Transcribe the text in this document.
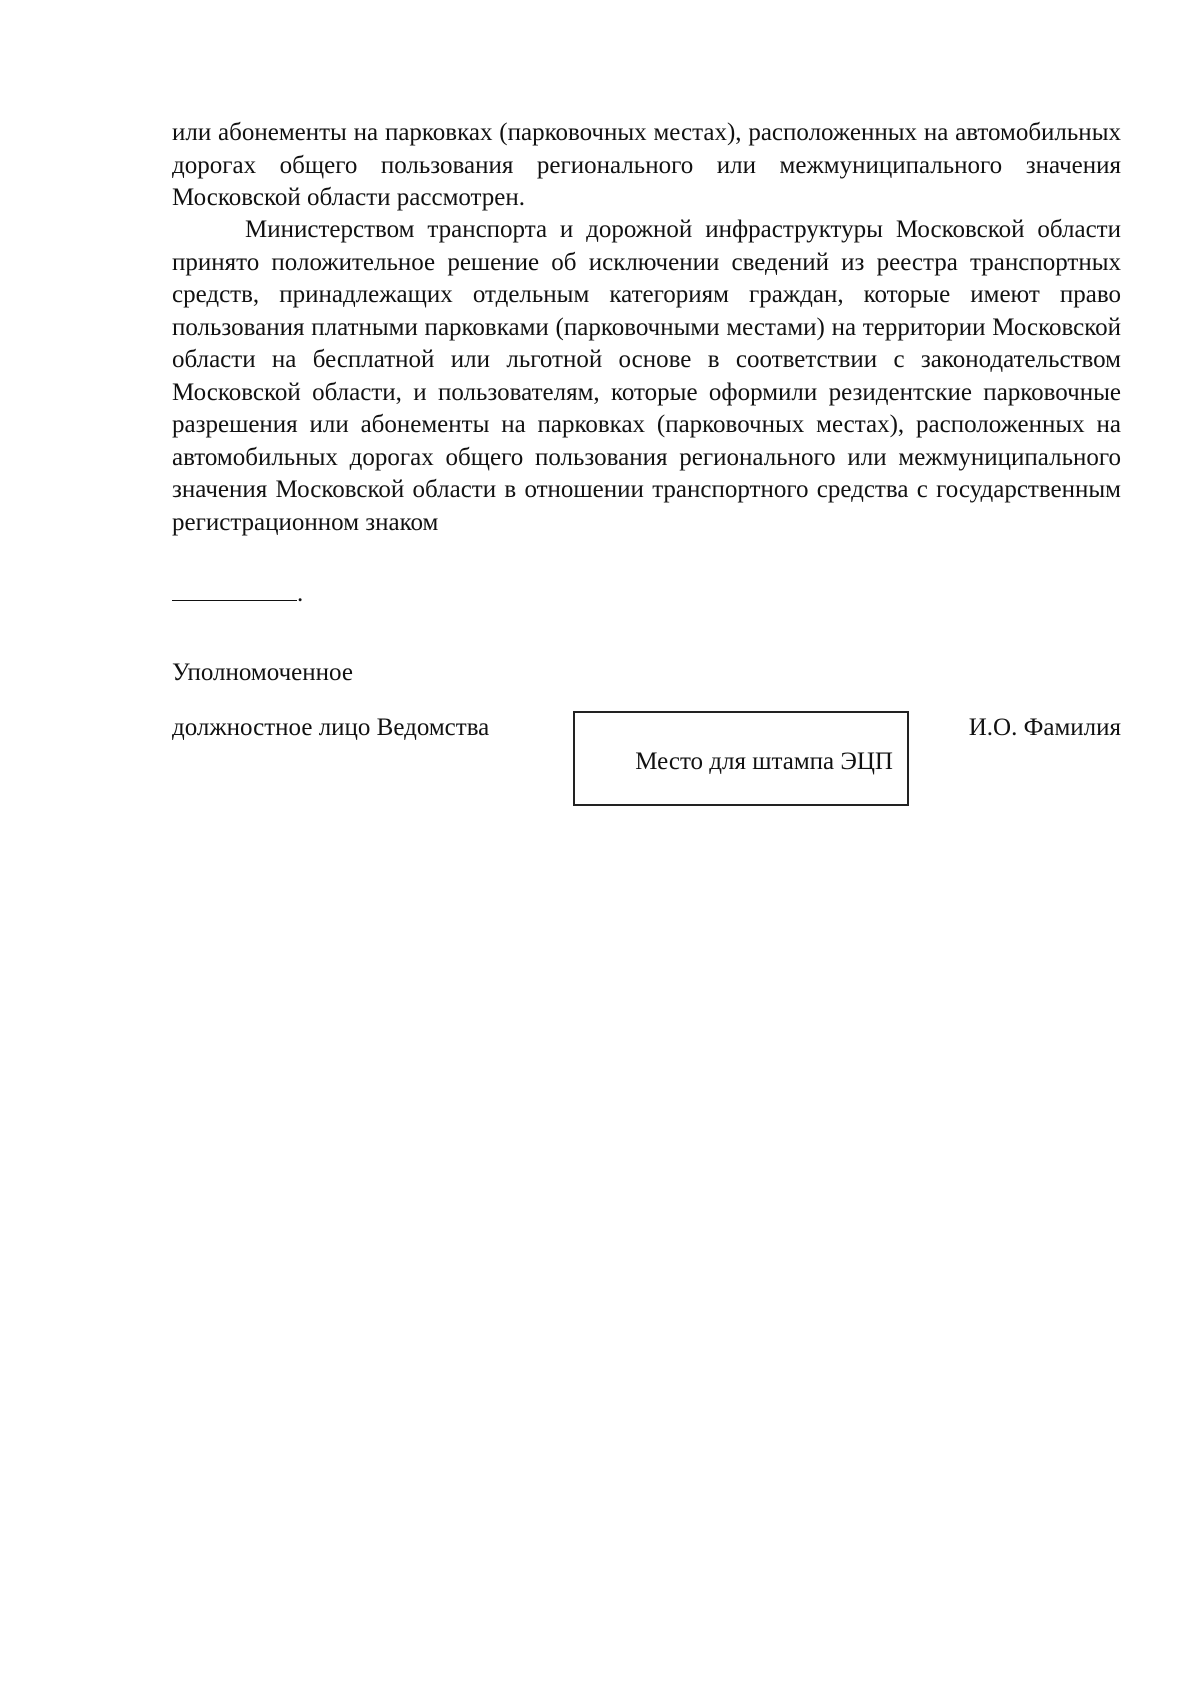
или абонементы на парковках (парковочных местах), расположенных на автомобильных дорогах общего пользования регионального или межмуниципального значения Московской области рассмотрен.
Министерством транспорта и дорожной инфраструктуры Московской области принято положительное решение об исключении сведений из реестра транспортных средств, принадлежащих отдельным категориям граждан, которые имеют право пользования платными парковками (парковочными местами) на территории Московской области на бесплатной или льготной основе в соответствии с законодательством Московской области, и пользователям, которые оформили резидентские парковочные разрешения или абонементы на парковках (парковочных местах), расположенных на автомобильных дорогах общего пользования регионального или межмуниципального значения Московской области в отношении транспортного средства с государственным регистрационном знаком
.
Уполномоченное
должностное лицо Ведомства
Место для штампа ЭЦП
И.О. Фамилия
